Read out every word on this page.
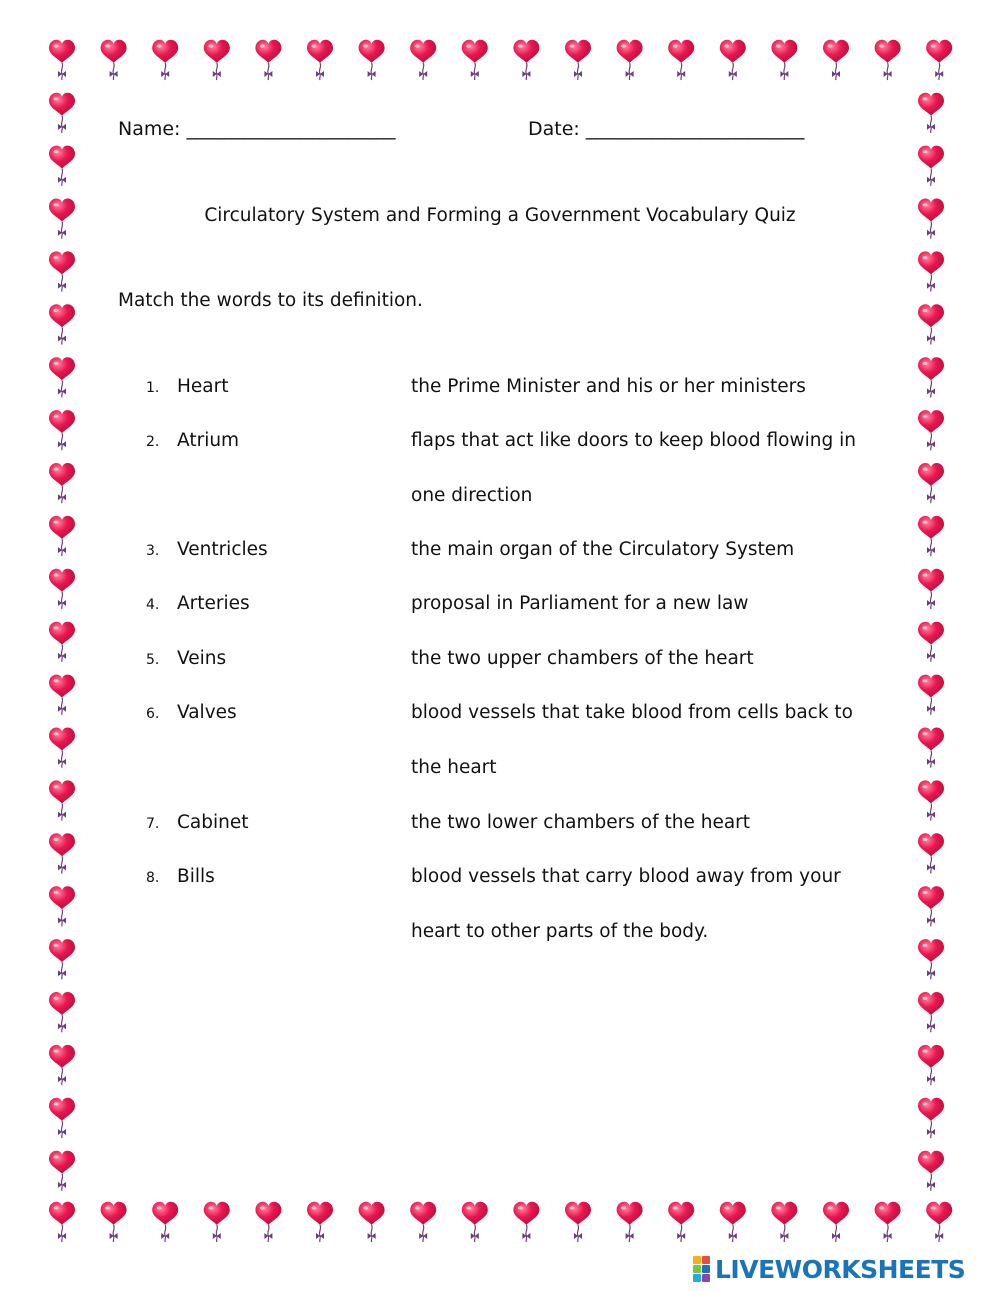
Name: ______________________	Date: _______________________
Circulatory System and Forming a Government Vocabulary Quiz
Match the words to its definition.
1. Heart
2. Atrium
3. Ventricles
4. Arteries
5. Veins
6. Valves
7. Cabinet
8. Bills
the Prime Minister and his or her ministers
flaps that act like doors to keep blood flowing in
one direction
the main organ of the Circulatory System
proposal in Parliament for a new law
the two upper chambers of the heart
blood vessels that take blood from cells back to
the heart
the two lower chambers of the heart
blood vessels that carry blood away from your
heart to other parts of the body.
LIVEWORKSHEETS
